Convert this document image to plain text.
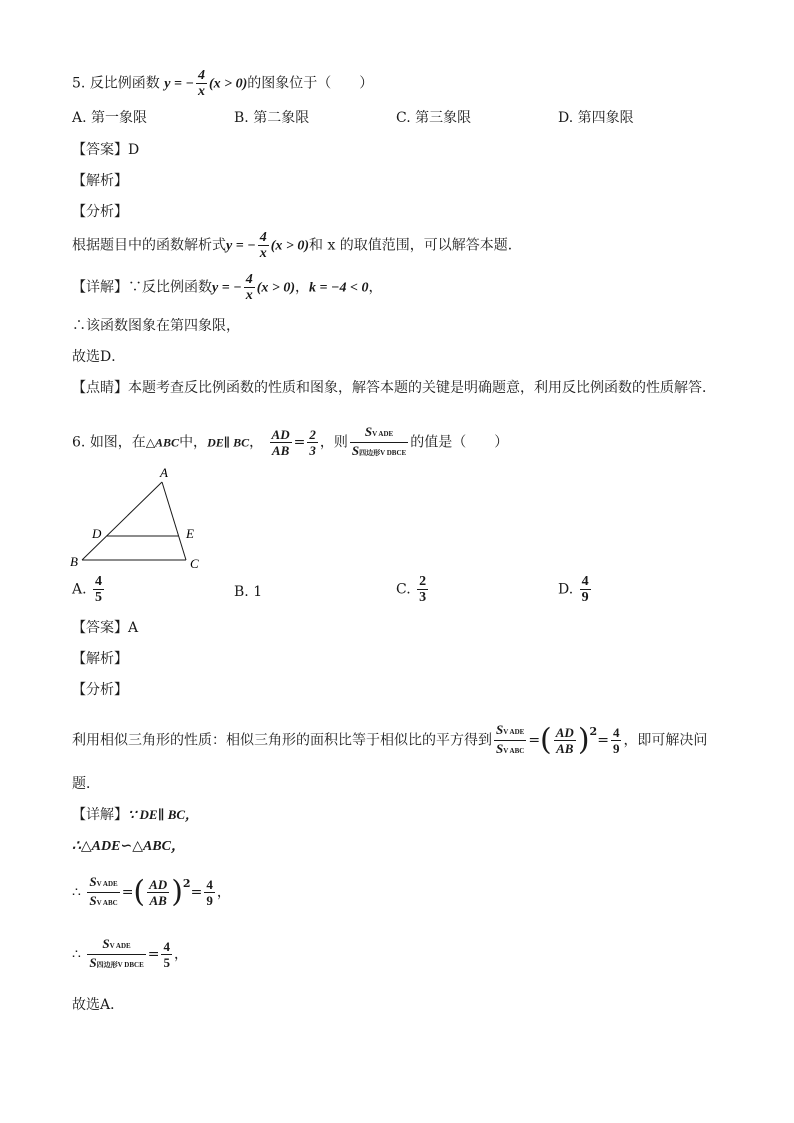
5. 反比例函数 y = − $\frac{4}{x} (x > 0)$的图象位于（　　）
A. 第一象限	B. 第二象限	C. 第三象限	D. 第四象限
【答案】D
【解析】
【分析】
根据题目中的函数解析式y = − $\frac{4}{x} (x > 0)$和 x 的取值范围，可以解答本题．
【详解】∵反比例函数y = − $\frac{4}{x} (x > 0)$，k = −4 < 0，
∴该函数图象在第四象限，
故选D．
【点睛】本题考查反比例函数的性质和图象，解答本题的关键是明确题意，利用反比例函数的性质解答．
6. 如图，在△ABC中，DE∥ BC， $\frac{AD}{AB} = \frac{2}{3}$ ，则 $\frac{\text{SV ADE}}{\text{S四边形V DBCE}}$ 的值是（　　）
A
D	E
B	C
A. $\frac{4}{5}$	B. 1	C. $\frac{2}{3}$	D. $\frac{4}{9}$
【答案】A
【解析】
【分析】
利用相似三角形的性质：相似三角形的面积比等于相似比的平方得到 $\frac{\text{SV ADE}}{\text{SV ABC}}$ =( $\frac{AD}{AB} )^2= \frac{4}{9}$ ，即可解决问
题．
【详解】∵ DE∥ BC，
∴△ADE∽△ABC，
∴ $\frac{\text{SV ADE}}{\text{SV ABC}}$ =( $\frac{AD}{AB} )^2= \frac{4}{9}$ ，
∴ $\frac{\text{SV ADE}}{\text{S四边形V DBCE}} = \frac{4}{5}$ ，
故选A．
